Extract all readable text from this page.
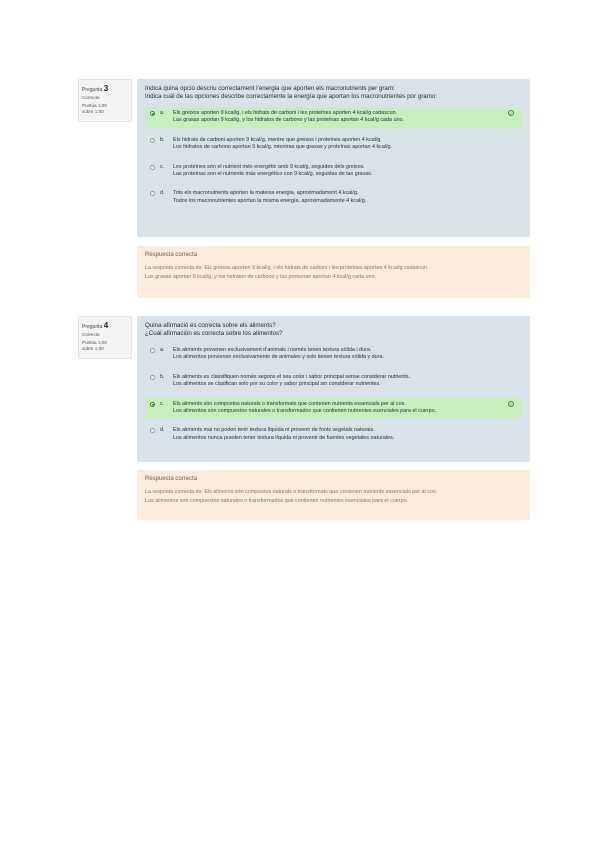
Pregunta 3
Correcta
Puntúa 1,00
sobre 1,00
Indica quina opció descriu correctament l’energia que aporten els macronutrients per gram:
Indica cuál de las opciones describe correctamente la energía que aportan los macronutrientes por gramo:
a. Els greixos aporten 9 kcal/g, i els hidrats de carboni i les proteïnes aporten 4 kcal/g cadascun.
Las grasas aportan 9 kcal/g, y los hidratos de carbono y las proteínas aportan 4 kcal/g cada uno.
✓
b. Els hidrats de carboni aporten 9 kcal/g, mentre que greixos i proteïnes aporten 4 kcal/g.
Los hidratos de carbono aportan 9 kcal/g, mientras que grasas y proteínas aportan 4 kcal/g.
c. Les proteïnes són el nutrient més energètic amb 9 kcal/g, seguides dels greixos.
Las proteínas son el nutriente más energético con 9 kcal/g, seguidas de las grasas.
d. Tots els macronutrients aporten la mateixa energia, aproximadament 4 kcal/g.
Todos los macronutrientes aportan la misma energía, aproximadamente 4 kcal/g.
Respuesta correcta
La resposta correcta és: Els greixos aporten 9 kcal/g, i els hidrats de carboni i les proteïnes aporten 4 kcal/g cadascun.
Las grasas aportan 9 kcal/g, y los hidratos de carbono y las proteínas aportan 4 kcal/g cada uno.
Pregunta 4
Correcta
Puntúa 1,00
sobre 1,00
Quina afirmació és correcta sobre els aliments?
¿Cuál afirmación es correcta sobre los alimentos?
a. Els aliments provenen exclusivament d’animals i només tenen textura sòlida i dura.
Los alimentos provienen exclusivamente de animales y solo tienen textura sólida y dura.
b. Els aliments es classifiquen només segons el seu color i sabor principal sense considerar nutrients.
Los alimentos se clasifican solo por su color y sabor principal sin considerar nutrientes.
c. Els aliments són compostos naturals o transformats que contenen nutrients essencials per al cos.
Los alimentos son compuestos naturales o transformados que contienen nutrientes esenciales para el cuerpo.
✓
d. Els aliments mai no poden tenir textura líquida ni provenir de fonts vegetals naturals.
Los alimentos nunca pueden tener textura líquida ni provenir de fuentes vegetales naturales.
Respuesta correcta
La resposta correcta és: Els aliments són compostos naturals o transformats que contenen nutrients essencials per al cos.
Los alimentos son compuestos naturales o transformados que contienen nutrientes esenciales para el cuerpo.
